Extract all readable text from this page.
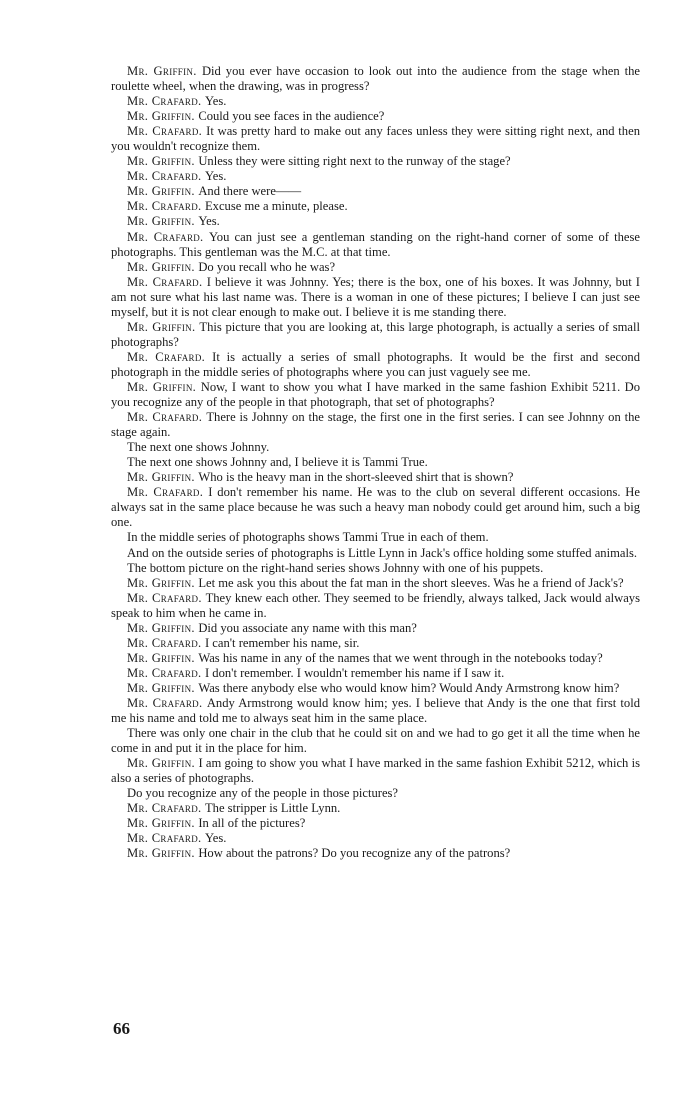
Mr. Griffin. Did you ever have occasion to look out into the audience from the stage when the roulette wheel, when the drawing, was in progress?

Mr. Crafard. Yes.

Mr. Griffin. Could you see faces in the audience?

Mr. Crafard. It was pretty hard to make out any faces unless they were sitting right next, and then you wouldn't recognize them.

Mr. Griffin. Unless they were sitting right next to the runway of the stage?

Mr. Crafard. Yes.

Mr. Griffin. And there were——

Mr. Crafard. Excuse me a minute, please.

Mr. Griffin. Yes.

Mr. Crafard. You can just see a gentleman standing on the right-hand corner of some of these photographs. This gentleman was the M.C. at that time.

Mr. Griffin. Do you recall who he was?

Mr. Crafard. I believe it was Johnny. Yes; there is the box, one of his boxes. It was Johnny, but I am not sure what his last name was. There is a woman in one of these pictures; I believe I can just see myself, but it is not clear enough to make out. I believe it is me standing there.

Mr. Griffin. This picture that you are looking at, this large photograph, is actually a series of small photographs?

Mr. Crafard. It is actually a series of small photographs. It would be the first and second photograph in the middle series of photographs where you can just vaguely see me.

Mr. Griffin. Now, I want to show you what I have marked in the same fashion Exhibit 5211. Do you recognize any of the people in that photograph, that set of photographs?

Mr. Crafard. There is Johnny on the stage, the first one in the first series. I can see Johnny on the stage again.

The next one shows Johnny.

The next one shows Johnny and, I believe it is Tammi True.

Mr. Griffin. Who is the heavy man in the short-sleeved shirt that is shown?

Mr. Crafard. I don't remember his name. He was to the club on several different occasions. He always sat in the same place because he was such a heavy man nobody could get around him, such a big one.

In the middle series of photographs shows Tammi True in each of them.

And on the outside series of photographs is Little Lynn in Jack's office holding some stuffed animals.

The bottom picture on the right-hand series shows Johnny with one of his puppets.

Mr. Griffin. Let me ask you this about the fat man in the short sleeves. Was he a friend of Jack's?

Mr. Crafard. They knew each other. They seemed to be friendly, always talked, Jack would always speak to him when he came in.

Mr. Griffin. Did you associate any name with this man?

Mr. Crafard. I can't remember his name, sir.

Mr. Griffin. Was his name in any of the names that we went through in the notebooks today?

Mr. Crafard. I don't remember. I wouldn't remember his name if I saw it.

Mr. Griffin. Was there anybody else who would know him? Would Andy Armstrong know him?

Mr. Crafard. Andy Armstrong would know him; yes. I believe that Andy is the one that first told me his name and told me to always seat him in the same place.

There was only one chair in the club that he could sit on and we had to go get it all the time when he come in and put it in the place for him.

Mr. Griffin. I am going to show you what I have marked in the same fashion Exhibit 5212, which is also a series of photographs.

Do you recognize any of the people in those pictures?

Mr. Crafard. The stripper is Little Lynn.

Mr. Griffin. In all of the pictures?

Mr. Crafard. Yes.

Mr. Griffin. How about the patrons? Do you recognize any of the patrons?

66
